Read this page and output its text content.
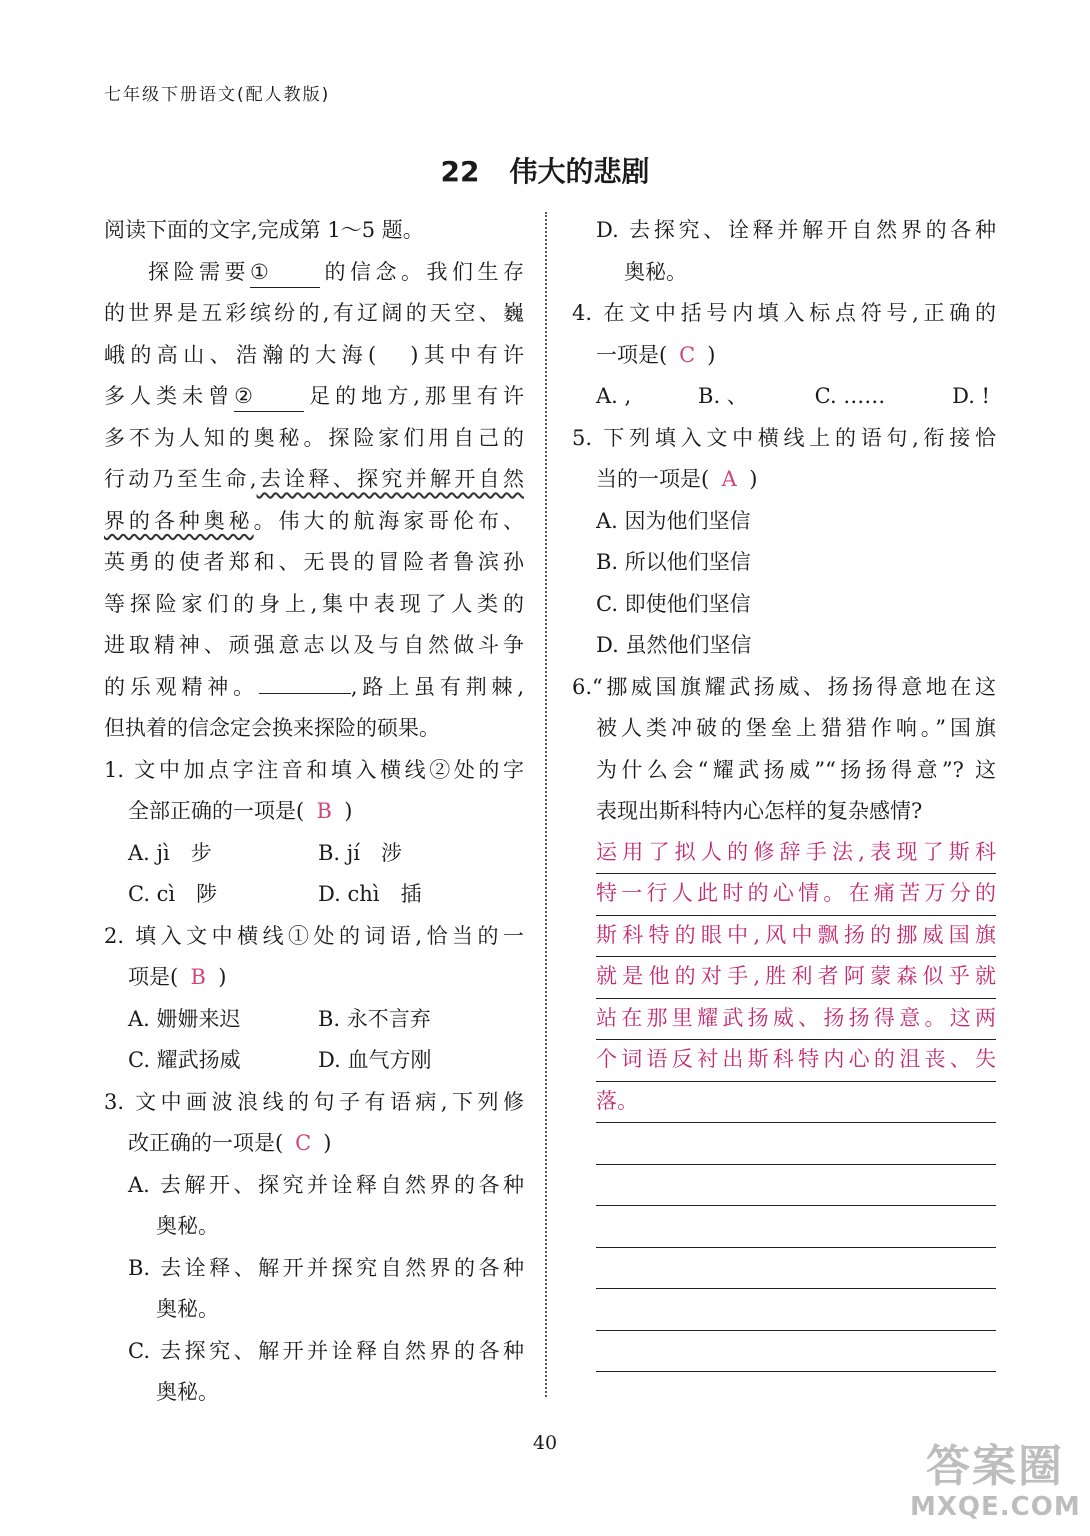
七年级下册语文(配人教版)
22 伟大的悲剧
阅读下面的文字,完成第 1～5 题。
探险需要① 的信念。我们生存
的世界是五彩缤纷的,有辽阔的天空、巍
峨的高山、浩瀚的大海( )其中有许
多人类未曾② 足的地方,那里有许
多不为人知的奥秘。探险家们用自己的
行动乃至生命,去诠释、探究并解开自然
界的各种奥秘。伟大的航海家哥伦布、
英勇的使者郑和、无畏的冒险者鲁滨孙
等探险家们的身上,集中表现了人类的
进取精神、顽强意志以及与自然做斗争
的乐观精神。	,路上虽有荆棘,
但执着的信念定会换来探险的硕果。
1. 文中加点字注音和填入横线②处的字
全部正确的一项是( B )
A. jì　步	B. jí　涉
C. cì　陟	D. chì　插
2. 填入文中横线①处的词语,恰当的一
项是( B )
A. 姗姗来迟	B. 永不言弃
C. 耀武扬威	D. 血气方刚
3. 文中画波浪线的句子有语病,下列修
改正确的一项是( C )
A. 去解开、探究并诠释自然界的各种
奥秘。
B. 去诠释、解开并探究自然界的各种
奥秘。
C. 去探究、解开并诠释自然界的各种
奥秘。
D. 去探究、诠释并解开自然界的各种
奥秘。
4. 在文中括号内填入标点符号,正确的
一项是( C )
A. ,	B. 、	C. ……	D. !
5. 下列填入文中横线上的语句,衔接恰
当的一项是( A )
A. 因为他们坚信
B. 所以他们坚信
C. 即使他们坚信
D. 虽然他们坚信
6.“挪威国旗耀武扬威、扬扬得意地在这
被人类冲破的堡垒上猎猎作响。”国旗
为什么会“耀武扬威”“扬扬得意”? 这
表现出斯科特内心怎样的复杂感情?
运用了拟人的修辞手法,表现了斯科
特一行人此时的心情。在痛苦万分的
斯科特的眼中,风中飘扬的挪威国旗
就是他的对手,胜利者阿蒙森似乎就
站在那里耀武扬威、扬扬得意。这两
个词语反衬出斯科特内心的沮丧、失
落。
40	答案圈
MXQE.COM
